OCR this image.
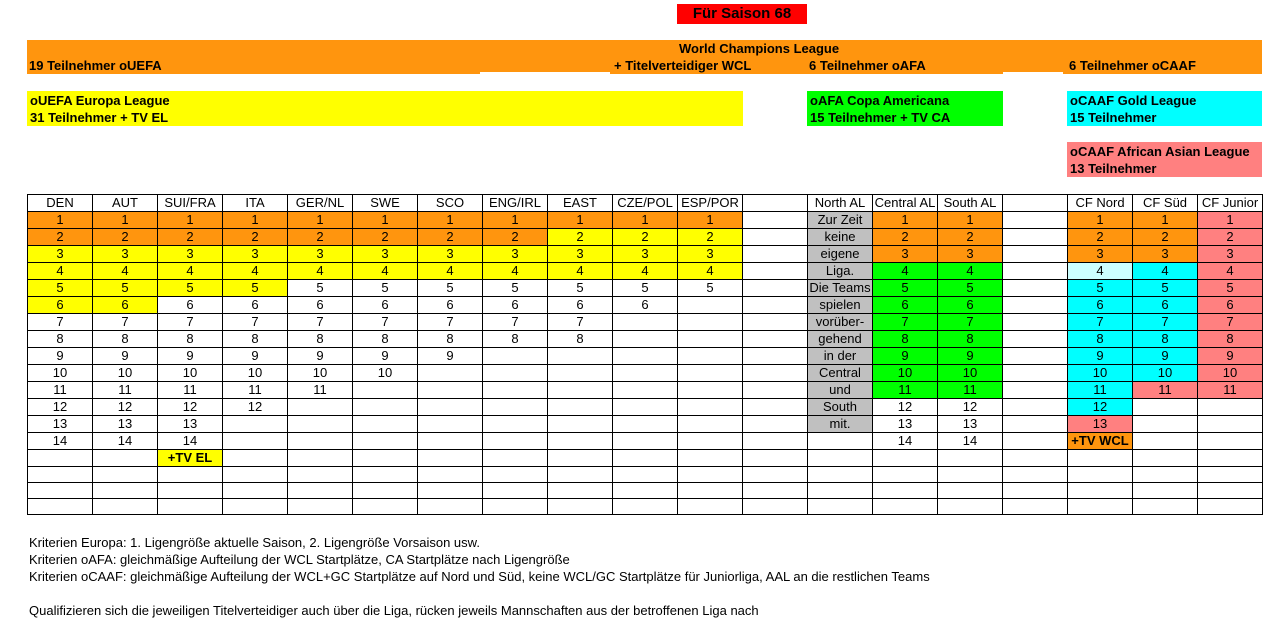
Für Saison 68
World Champions League
19 Teilnehmer oUEFA	+ Titelverteidiger WCL	6 Teilnehmer oAFA	6 Teilnehmer oCAAF
oUEFA Europa League
31 Teilnehmer + TV EL
oAFA Copa Americana
15 Teilnehmer + TV CA
oCAAF Gold League
15 Teilnehmer
oCAAF African Asian League
13 Teilnehmer
DEN	AUT	SUI/FRA	ITA	GER/NL	SWE	SCO	ENG/IRL	EAST	CZE/POL	ESP/POR		North AL	Central AL	South AL		CF Nord	CF Süd	CF Junior
1	1	1	1	1	1	1	1	1	1	1		Zur Zeit	1	1		1	1	1
2	2	2	2	2	2	2	2	2	2	2		keine	2	2		2	2	2
3	3	3	3	3	3	3	3	3	3	3		eigene	3	3		3	3	3
4	4	4	4	4	4	4	4	4	4	4		Liga.	4	4		4	4	4
5	5	5	5	5	5	5	5	5	5	5		Die Teams	5	5		5	5	5
6	6	6	6	6	6	6	6	6	6			spielen	6	6		6	6	6
7	7	7	7	7	7	7	7	7				vorüber-	7	7		7	7	7
8	8	8	8	8	8	8	8	8				gehend	8	8		8	8	8
9	9	9	9	9	9	9						in der	9	9		9	9	9
10	10	10	10	10	10							Central	10	10		10	10	10
11	11	11	11	11								und	11	11		11	11	11
12	12	12	12									South	12	12		12		
13	13	13										mit.	13	13		13		
14	14	14											14	14		+TV WCL		
		+TV EL																

Kriterien Europa: 1. Ligengröße aktuelle Saison, 2. Ligengröße Vorsaison usw.
Kriterien oAFA: gleichmäßige Aufteilung der WCL Startplätze, CA Startplätze nach Ligengröße
Kriterien oCAAF: gleichmäßige Aufteilung der WCL+GC Startplätze auf Nord und Süd, keine WCL/GC Startplätze für Juniorliga, AAL an die restlichen Teams
Qualifizieren sich die jeweiligen Titelverteidiger auch über die Liga, rücken jeweils Mannschaften aus der betroffenen Liga nach
